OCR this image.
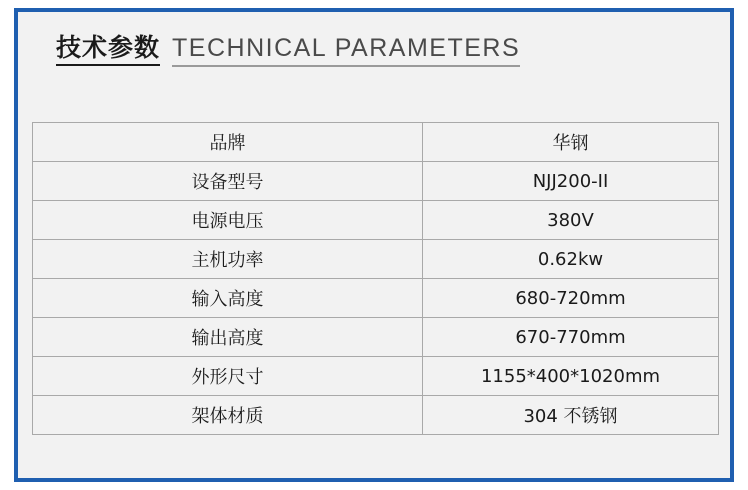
技术参数 TECHNICAL PARAMETERS
品牌	华钢
设备型号	NJJ200-II
电源电压	380V
主机功率	0.62kw
输入高度	680-720mm
输出高度	670-770mm
外形尺寸	1155*400*1020mm
架体材质	304 不锈钢
